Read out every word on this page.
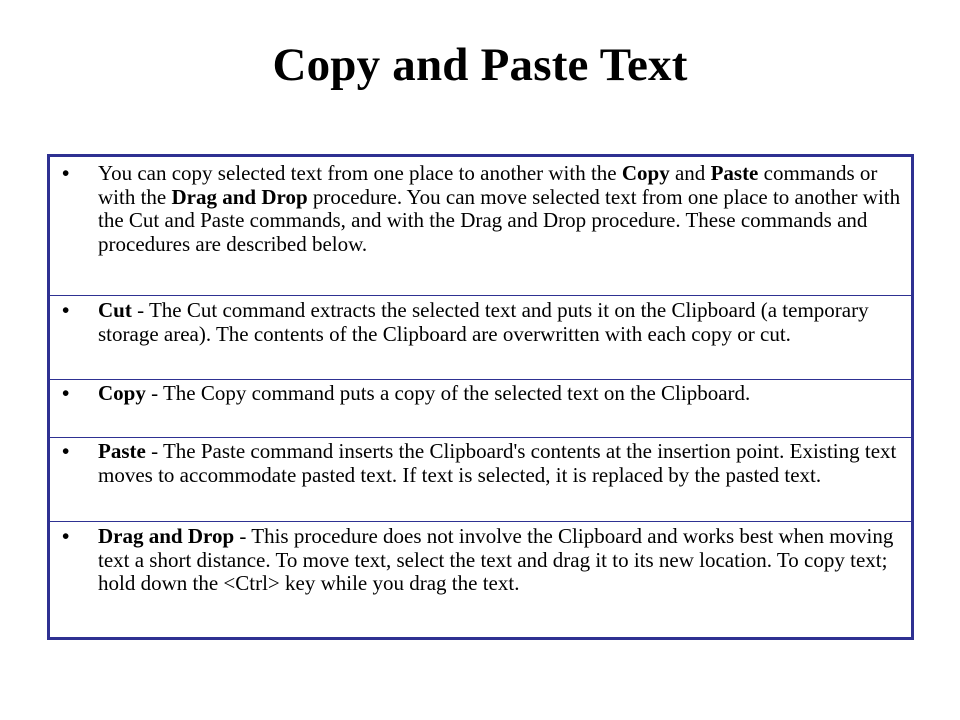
Copy and Paste Text
• You can copy selected text from one place to another with the Copy and Paste commands or with the Drag and Drop procedure. You can move selected text from one place to another with the Cut and Paste commands, and with the Drag and Drop procedure. These commands and procedures are described below.
• Cut - The Cut command extracts the selected text and puts it on the Clipboard (a temporary storage area). The contents of the Clipboard are overwritten with each copy or cut.
• Copy - The Copy command puts a copy of the selected text on the Clipboard.
• Paste - The Paste command inserts the Clipboard's contents at the insertion point. Existing text moves to accommodate pasted text. If text is selected, it is replaced by the pasted text.
• Drag and Drop - This procedure does not involve the Clipboard and works best when moving text a short distance. To move text, select the text and drag it to its new location. To copy text; hold down the <Ctrl> key while you drag the text.
